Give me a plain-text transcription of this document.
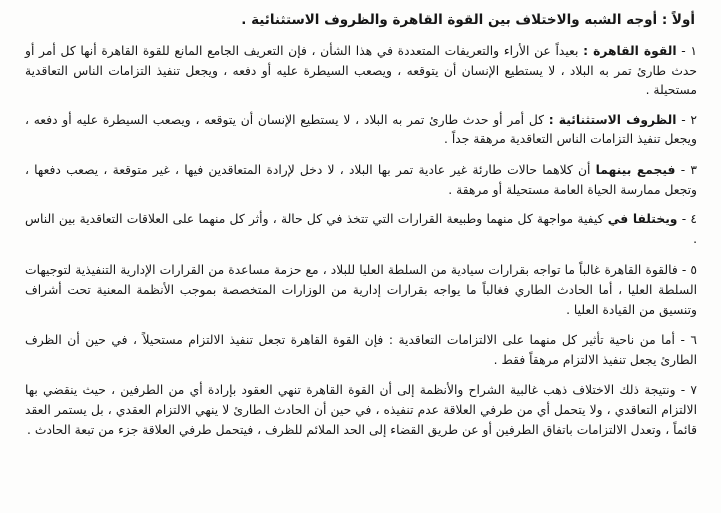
أولاً : أوجه الشبه والاختلاف بين القوة القاهرة والظروف الاستثنائية .

١ - القوة القاهرة : بعيداً عن الأراء والتعريفات المتعددة في هذا الشأن ، فإن التعريف الجامع المانع للقوة القاهرة أنها كل أمر أو حدث طارئ تمر به البلاد ، لا يستطيع الإنسان أن يتوقعه ، ويصعب السيطرة عليه أو دفعه ، ويجعل تنفيذ التزامات الناس التعاقدية مستحيلة .

٢ - الظروف الاستثنائية : كل أمر أو حدث طارئ تمر به البلاد ، لا يستطيع الإنسان أن يتوقعه ، ويصعب السيطرة عليه أو دفعه ، ويجعل تنفيذ التزامات الناس التعاقدية مرهقة جداً .

٣ - فيجمع بينهما أن كلاهما حالات طارئة غير عادية تمر بها البلاد ، لا دخل لإرادة المتعاقدين فيها ، غير متوقعة ، يصعب دفعها ، وتجعل ممارسة الحياة العامة مستحيلة أو مرهقة .

٤ - ويختلفا في كيفية مواجهة كل منهما وطبيعة القرارات التي تتخذ في كل حالة ، وأثر كل منهما على العلاقات التعاقدية بين الناس .

٥ - فالقوة القاهرة غالباً ما تواجه بقرارات سيادية من السلطة العليا للبلاد ، مع حزمة مساعدة من القرارات الإدارية التنفيذية لتوجيهات السلطة العليا ، أما الحادث الطاري فغالباً ما يواجه بقرارات إدارية من الوزارات المتخصصة بموجب الأنظمة المعنية تحت أشراف وتنسيق من القيادة العليا .

٦ - أما من ناحية تأثير كل منهما على الالتزامات التعاقدية : فإن القوة القاهرة تجعل تنفيذ الالتزام مستحيلاً ، في حين أن الظرف الطارئ يجعل تنفيذ الالتزام مرهقاً فقط .

٧ - ونتيجة ذلك الاختلاف ذهب غالبية الشراح والأنظمة إلى أن القوة القاهرة تنهي العقود بإرادة أي من الطرفين ، حيث ينقضي بها الالتزام التعاقدي ، ولا يتحمل أي من طرفي العلاقة عدم تنفيذه ، في حين أن الحادث الطارئ لا ينهي الالتزام العقدي ، بل يستمر العقد قائماً ، وتعدل الالتزامات باتفاق الطرفين أو عن طريق القضاء إلى الحد الملائم للظرف ، فيتحمل طرفي العلاقة جزء من تبعة الحادث .
